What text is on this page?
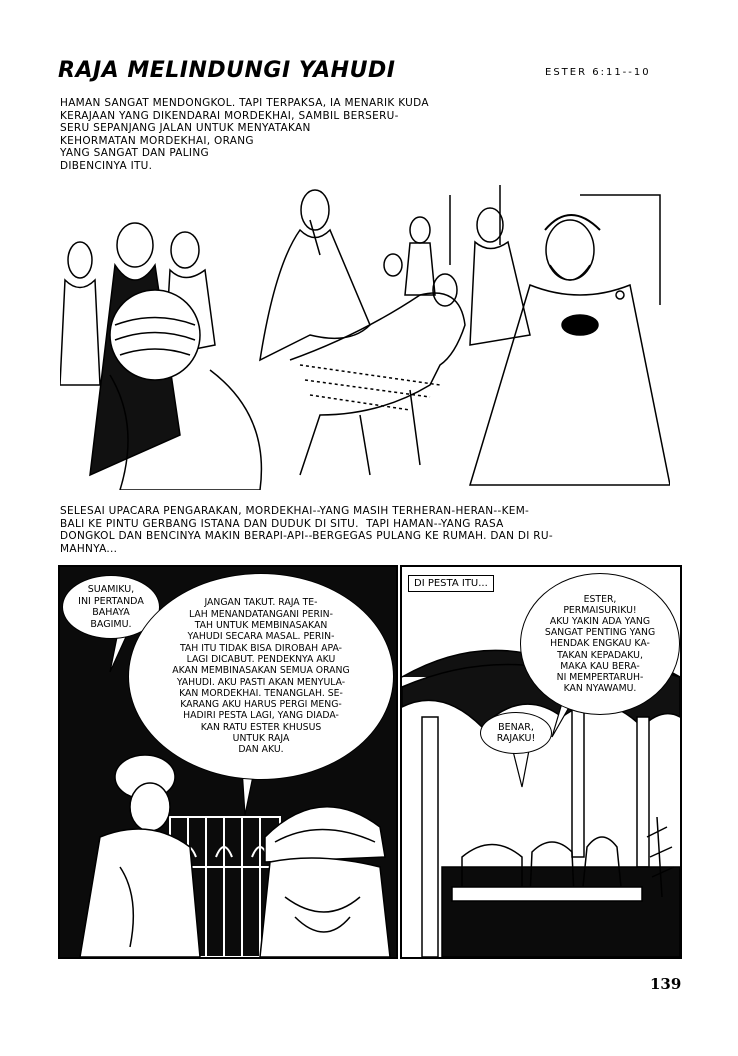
RAJA MELINDUNGI YAHUDI	ESTER 6:11--10
HAMAN SANGAT MENDONGKOL. TAPI TERPAKSA, IA MENARIK KUDA
KERAJAAN YANG DIKENDARAI MORDEKHAI, SAMBIL BERSERU-
SERU SEPANJANG JALAN UNTUK MENYATAKAN
KEHORMATAN MORDEKHAI, ORANG
YANG SANGAT DAN PALING
DIBENCINYA ITU.
SELESAI UPACARA PENGARAKAN, MORDEKHAI--YANG MASIH TERHERAN-HERAN--KEM-
BALI KE PINTU GERBANG ISTANA DAN DUDUK DI SITU.  TAPI HAMAN--YANG RASA
DONGKOL DAN BENCINYA MAKIN BERAPI-API--BERGEGAS PULANG KE RUMAH. DAN DI RU-
MAHNYA...
SUAMIKU,
INI PERTANDA
BAHAYA
BAGIMU.
JANGAN TAKUT. RAJA TE-
LAH MENANDATANGANI PERIN-
TAH UNTUK MEMBINASAKAN
YAHUDI SECARA MASAL. PERIN-
TAH ITU TIDAK BISA DIROBAH APA-
LAGI DICABUT. PENDEKNYA AKU
AKAN MEMBINASAKAN SEMUA ORANG
YAHUDI. AKU PASTI AKAN MENYULA-
KAN MORDEKHAI. TENANGLAH. SE-
KARANG AKU HARUS PERGI MENG-
HADIRI PESTA LAGI, YANG DIADA-
KAN RATU ESTER KHUSUS
UNTUK RAJA
DAN AKU.
DI PESTA ITU...
ESTER,
PERMAISURIKU!
AKU YAKIN ADA YANG
SANGAT PENTING YANG
HENDAK ENGKAU KA-
TAKAN KEPADAKU,
MAKA KAU BERA-
NI MEMPERTARUH-
KAN NYAWAMU.
BENAR,
RAJAKU!
139
